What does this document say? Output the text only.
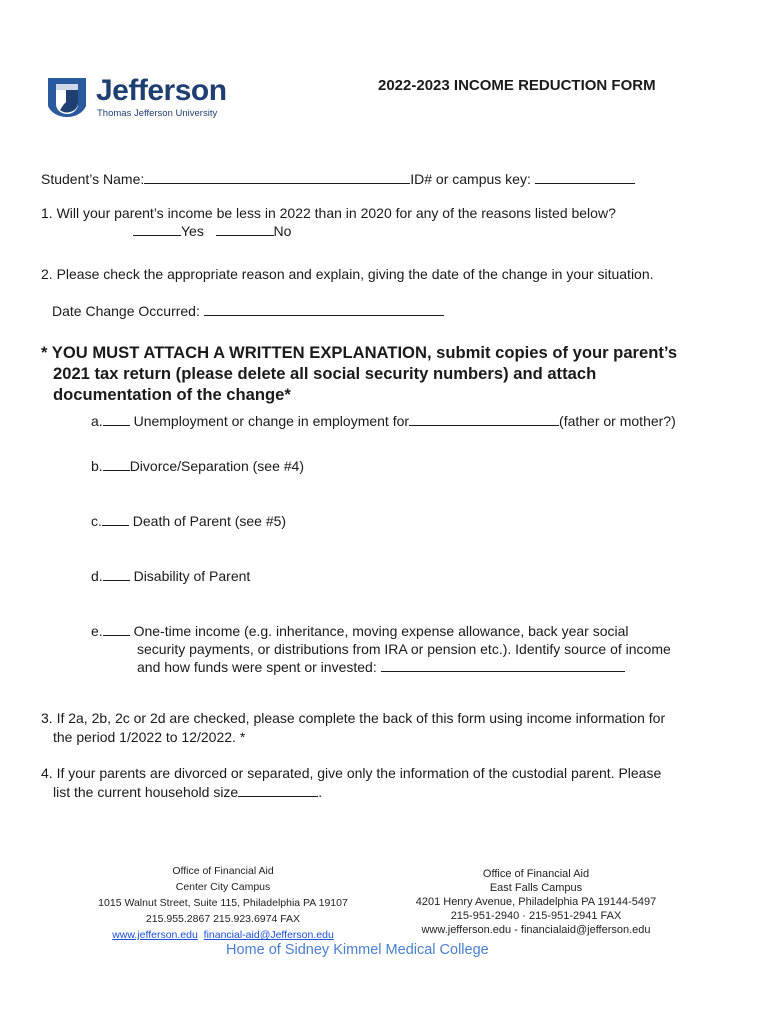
Jefferson
Thomas Jefferson University
2022-2023 INCOME REDUCTION FORM
Student’s Name:	ID# or campus key:
1. Will your parent’s income be less in 2022 than in 2020 for any of the reasons listed below?
Yes	No
2. Please check the appropriate reason and explain, giving the date of the change in your situation.
Date Change Occurred:
* YOU MUST ATTACH A WRITTEN EXPLANATION, submit copies of your parent’s
2021 tax return (please delete all social security numbers) and attach
documentation of the change*
a. Unemployment or change in employment for	(father or mother?)
b. Divorce/Separation (see #4)
c. Death of Parent (see #5)
d. Disability of Parent
e. One-time income (e.g. inheritance, moving expense allowance, back year social
security payments, or distributions from IRA or pension etc.). Identify source of income
and how funds were spent or invested:
3. If 2a, 2b, 2c or 2d are checked, please complete the back of this form using income information for
the period 1/2022 to 12/2022. *
4. If your parents are divorced or separated, give only the information of the custodial parent. Please
list the current household size	.
Office of Financial Aid
Center City Campus
1015 Walnut Street, Suite 115, Philadelphia PA 19107
215.955.2867 215.923.6974 FAX
www.jefferson.edu financial-aid@Jefferson.edu
Office of Financial Aid
East Falls Campus
4201 Henry Avenue, Philadelphia PA 19144-5497
215-951-2940 · 215-951-2941 FAX
www.jefferson.edu - financialaid@jefferson.edu
Home of Sidney Kimmel Medical College
